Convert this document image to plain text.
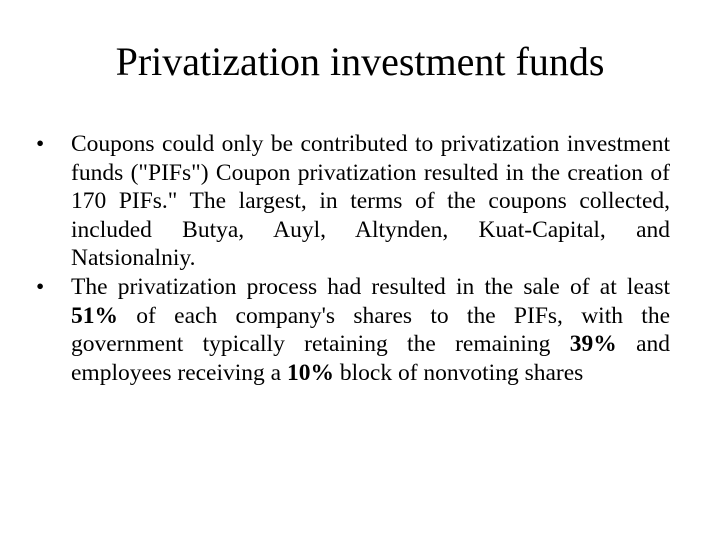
Privatization investment funds
•	Coupons could only be contributed to privatization investment funds ("PIFs") Coupon privatization resulted in the creation of 170 PIFs." The largest, in terms of the coupons collected, included Butya, Auyl, Altynden, Kuat-Capital, and Natsionalniy.
•	The privatization process had resulted in the sale of at least 51% of each company's shares to the PIFs, with the government typically retaining the remaining 39% and employees receiving a 10% block of nonvoting shares
